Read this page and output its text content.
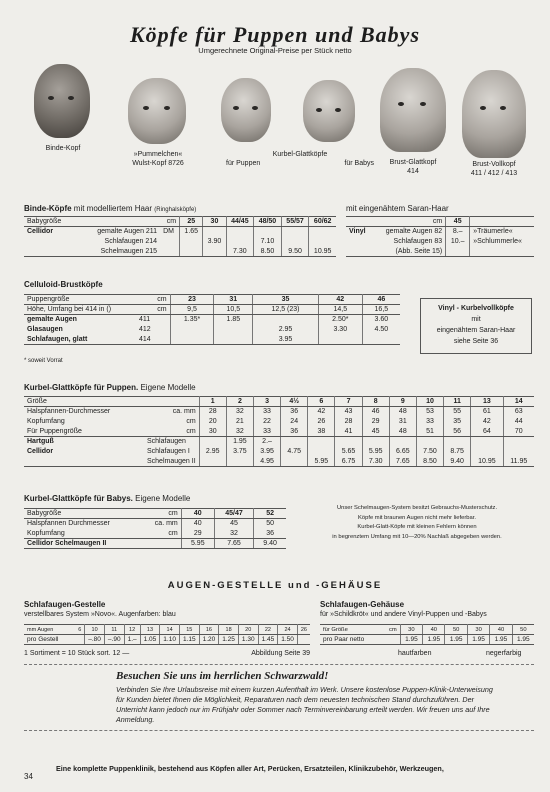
Köpfe für Puppen und Babys
Umgerechnete Original-Preise per Stück netto
Binde-Kopf
»Pummelchen«
Wulst-Kopf 8726
Kurbel-Glattköpfe
für Puppen	für Babys	Brust-Glattkopf
414
Brust-Vollkopf
411 / 412 / 413
Binde-Köpfe mit modelliertem Haar (Ringhalsköpfe)
Babygröße		cm	25	30	44/45	48/50	55/57	60/62
Cellidor	gemalte Augen 211	DM	1.65					
	Schlafaugen 214			3.90		7.10		
	Schelmaugen 215				7.30	8.50	9.50	10.95
mit eingenähtem Saran-Haar
	cm	45	
Vinyl	gemalte Augen 82	8.–	»Träumerle«
	Schlafaugen 83	10.–	»Schlummerle«
	(Abb. Seite 15)		
Celluloid-Brustköpfe
Puppengröße	cm	23	31	35	42	46
Höhe, Umfang bei 414 in ()	cm	9,5	10,5	12,5 (23)	14,5	16,5
gemalte Augen	411	1.35*	1.85		2.50*	3.60
Glasaugen	412			2.95	3.30	4.50
Schlafaugen, glatt	414			3.95		
* soweit Vorrat
Vinyl - Kurbelvollköpfe
mit
eingenähtem Saran-Haar
siehe Seite 36
Kurbel-Glattköpfe für Puppen. Eigene Modelle
Größe		1	2	3	4½	6	7	8	9	10	11	13	14
Halspfannen-Durchmesser	ca. mm	28	32	33	36	42	43	46	48	53	55	61	63
Kopfumfang	cm	20	21	22	24	26	28	29	31	33	35	42	44
Für Puppengröße	cm	30	32	33	36	38	41	45	48	51	56	64	70
Hartguß	Schlafaugen		1.95	2.–									
Cellidor	Schlafaugen I	2.95	3.75	3.95	4.75		5.65	5.95	6.65	7.50	8.75		
	Schelmaugen II			4.95		5.95	6.75	7.30	7.65	8.50	9.40	10.95	11.95
Kurbel-Glattköpfe für Babys. Eigene Modelle
Babygröße	cm	40	45/47	52
Halspfannen Durchmesser	ca. mm	40	45	50
Kopfumfang	cm	29	32	36
Cellidor Schelmaugen II		5.95	7.65	9.40
Unser Schelmaugen-System besitzt Gebrauchs-Musterschutz.
Köpfe mit braunen Augen nicht mehr lieferbar.
Kurbel-Glatt-Köpfe mit kleinen Fehlern können
in begrenztem Umfang mit 10—20% Nachlaß abgegeben werden.
AUGEN-GESTELLE und -GEHÄUSE
Schlafaugen-Gestelle
verstellbares System »Novo«. Augenfarben: blau
mm Augen	6	10	11	12	13	14	15	16	18	20	22	24	26
pro Gestell		–.80	–.90	1.–	1.05	1.10	1.15	1.20	1.25	1.30	1.45	1.50	
1 Sortiment = 10 Stück sort. 12 —	Abbildung Seite 39
Schlafaugen-Gehäuse
für »Schildkröt« und andere Vinyl-Puppen und -Babys
für Größe	cm	30	40	50	30	40	50
pro Paar netto		1.95	1.95	1.95	1.95	1.95	1.95
hautfarben	negerfarbig
Besuchen Sie uns im herrlichen Schwarzwald!
Verbinden Sie Ihre Urlaubsreise mit einem kurzen Aufenthalt im Werk. Unsere kostenlose Puppen-Klinik-Unterweisung für Kunden bietet Ihnen die Möglichkeit, Reparaturen nach dem neuesten technischen Stand durchzuführen. Der Unterricht kann jedoch nur im Frühjahr oder Sommer nach Terminvereinbarung erteilt werden. Wir freuen uns auf Ihre Anmeldung.
34
Eine komplette Puppenklinik, bestehend aus Köpfen aller Art, Perücken, Ersatzteilen, Klinikzubehör, Werkzeugen,
